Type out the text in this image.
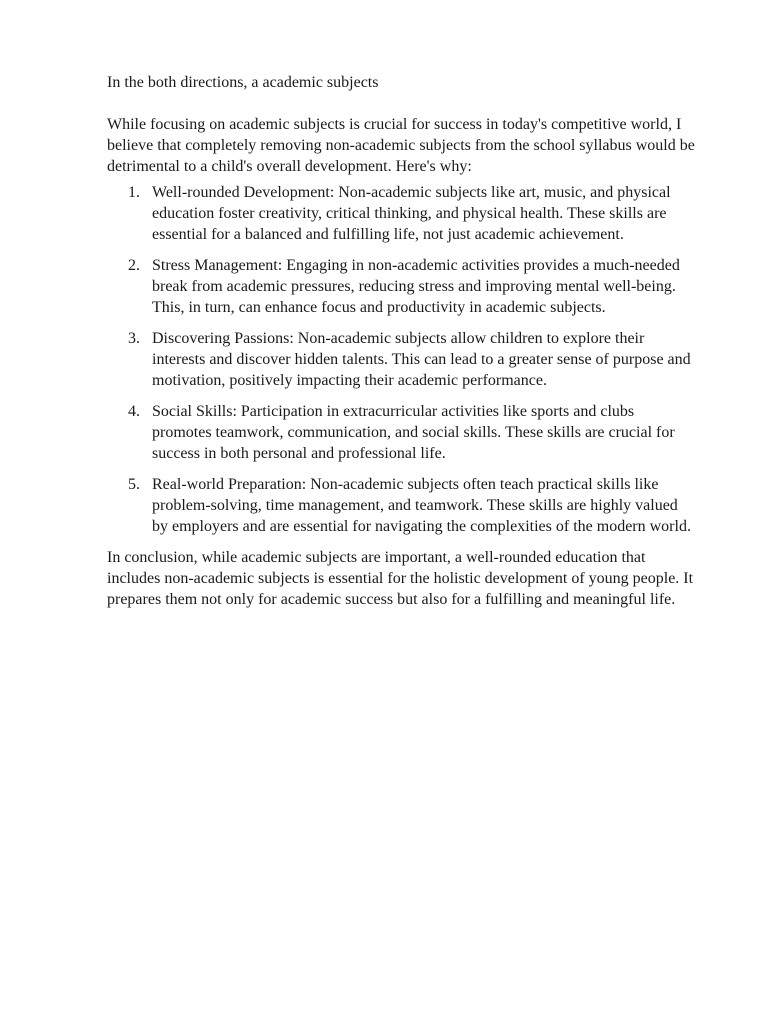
In the both directions, a academic subjects

While focusing on academic subjects is crucial for success in today's competitive world, I believe that completely removing non-academic subjects from the school syllabus would be detrimental to a child's overall development. Here's why:

1. Well-rounded Development: Non-academic subjects like art, music, and physical education foster creativity, critical thinking, and physical health. These skills are essential for a balanced and fulfilling life, not just academic achievement.
2. Stress Management: Engaging in non-academic activities provides a much-needed break from academic pressures, reducing stress and improving mental well-being. This, in turn, can enhance focus and productivity in academic subjects.
3. Discovering Passions: Non-academic subjects allow children to explore their interests and discover hidden talents. This can lead to a greater sense of purpose and motivation, positively impacting their academic performance.
4. Social Skills: Participation in extracurricular activities like sports and clubs promotes teamwork, communication, and social skills. These skills are crucial for success in both personal and professional life.
5. Real-world Preparation: Non-academic subjects often teach practical skills like problem-solving, time management, and teamwork. These skills are highly valued by employers and are essential for navigating the complexities of the modern world.

In conclusion, while academic subjects are important, a well-rounded education that includes non-academic subjects is essential for the holistic development of young people. It prepares them not only for academic success but also for a fulfilling and meaningful life.
